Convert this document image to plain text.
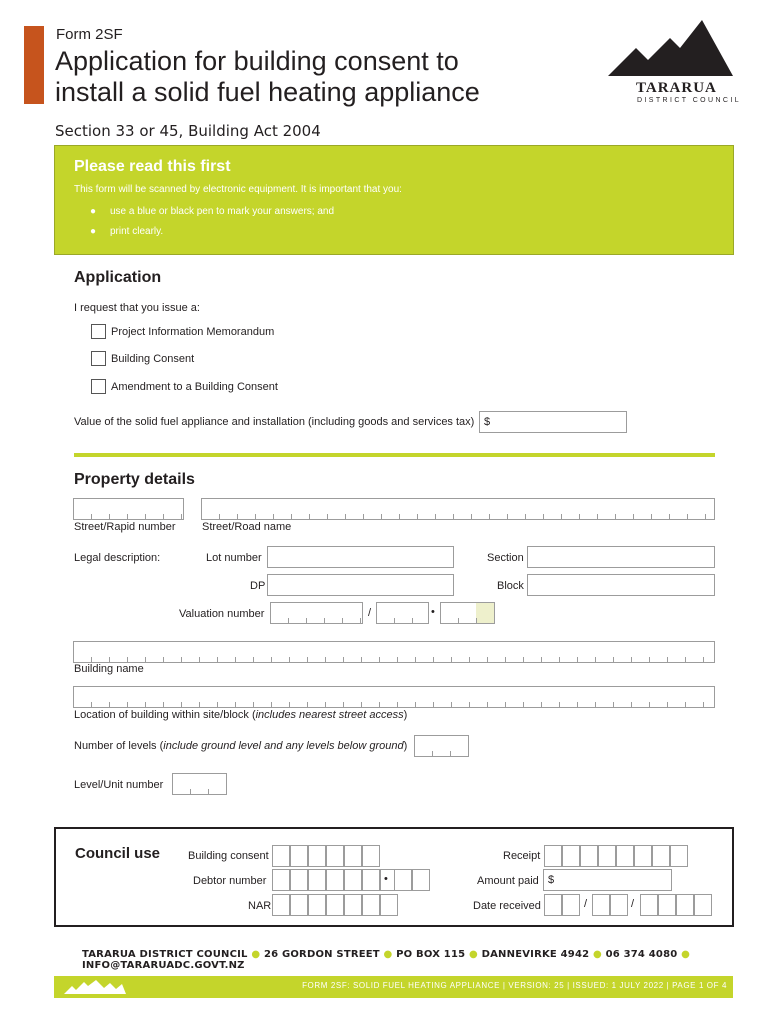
Form 2SF
Application for building consent to
install a solid fuel heating appliance
Section 33 or 45, Building Act 2004
TARARUA
DISTRICT COUNCIL
Please read this first
This form will be scanned by electronic equipment. It is important that you:
● use a blue or black pen to mark your answers; and
● print clearly.
Application
I request that you issue a:
Project Information Memorandum
Building Consent
Amendment to a Building Consent
Value of the solid fuel appliance and installation (including goods and services tax) $
Property details
Street/Rapid number Street/Road name
Legal description:	Lot number	Section
DP	Block
Valuation number	/	•
Building name
Location of building within site/block (includes nearest street access)
Number of levels (include ground level and any levels below ground)
Level/Unit number
Council use	Building consent
Debtor number	•
NAR
Receipt
Amount paid $
Date received	/	/
TARARUA DISTRICT COUNCIL ● 26 GORDON STREET ● PO BOX 115 ● DANNEVIRKE 4942 ● 06 374 4080 ● INFO@TARARUADC.GOVT.NZ
FORM 2SF: SOLID FUEL HEATING APPLIANCE | VERSION: 25 | ISSUED: 1 JULY 2022 | PAGE 1 OF 4
